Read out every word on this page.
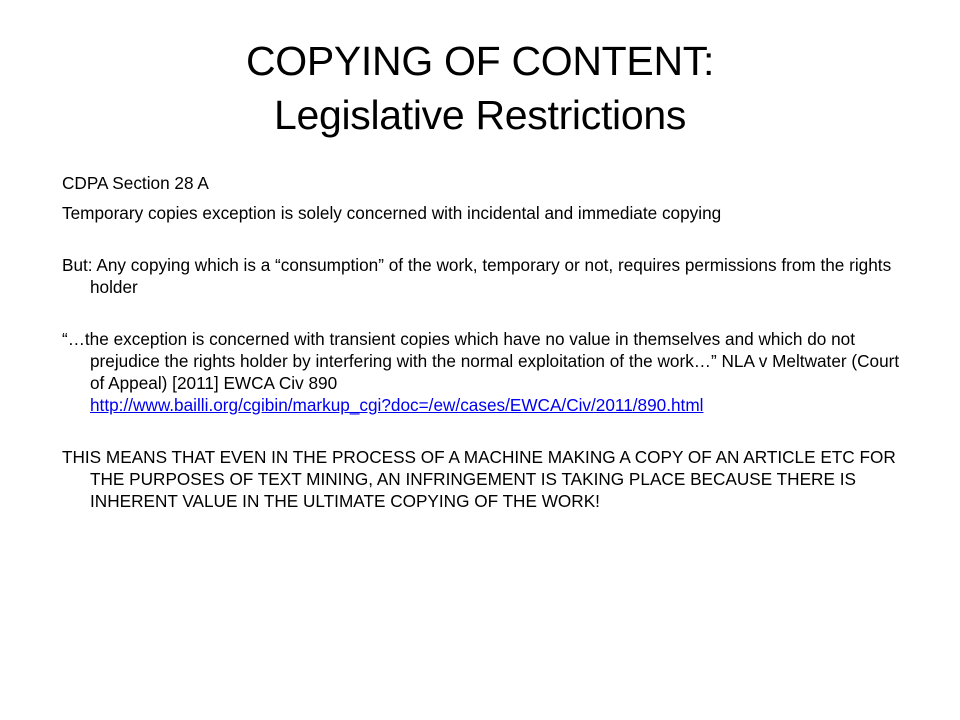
COPYING OF CONTENT:
Legislative Restrictions

CDPA Section 28 A

Temporary copies exception is solely concerned with incidental and immediate copying

But: Any copying which is a “consumption” of the work, temporary or not, requires permissions from the rights holder

“…the exception is concerned with transient copies which have no value in themselves and which do not prejudice the rights holder by interfering with the normal exploitation of the work…” NLA v Meltwater (Court of Appeal) [2011] EWCA Civ 890
http://www.bailli.org/cgibin/markup_cgi?doc=/ew/cases/EWCA/Civ/2011/890.html

THIS MEANS THAT EVEN IN THE PROCESS OF A MACHINE MAKING A COPY OF AN ARTICLE ETC FOR THE PURPOSES OF TEXT MINING, AN INFRINGEMENT IS TAKING PLACE BECAUSE THERE IS INHERENT VALUE IN THE ULTIMATE COPYING OF THE WORK!
